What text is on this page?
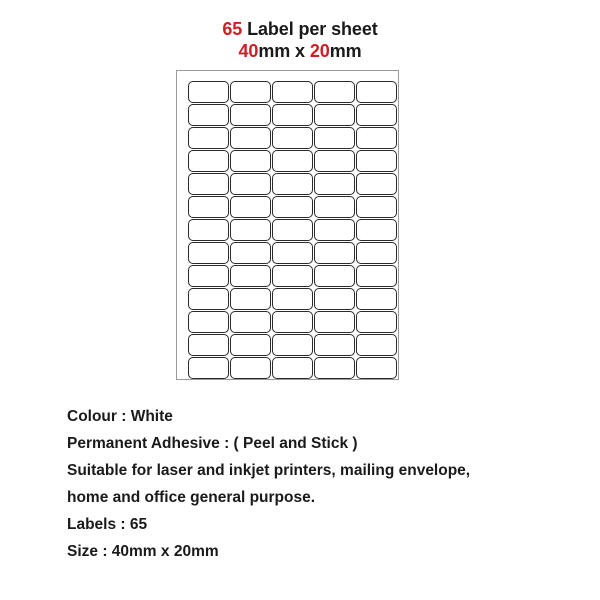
65 Label per sheet
40mm x 20mm
Colour : White
Permanent Adhesive : ( Peel and Stick )
Suitable for laser and inkjet printers, mailing envelope,
home and office general purpose.
Labels : 65
Size : 40mm x 20mm
